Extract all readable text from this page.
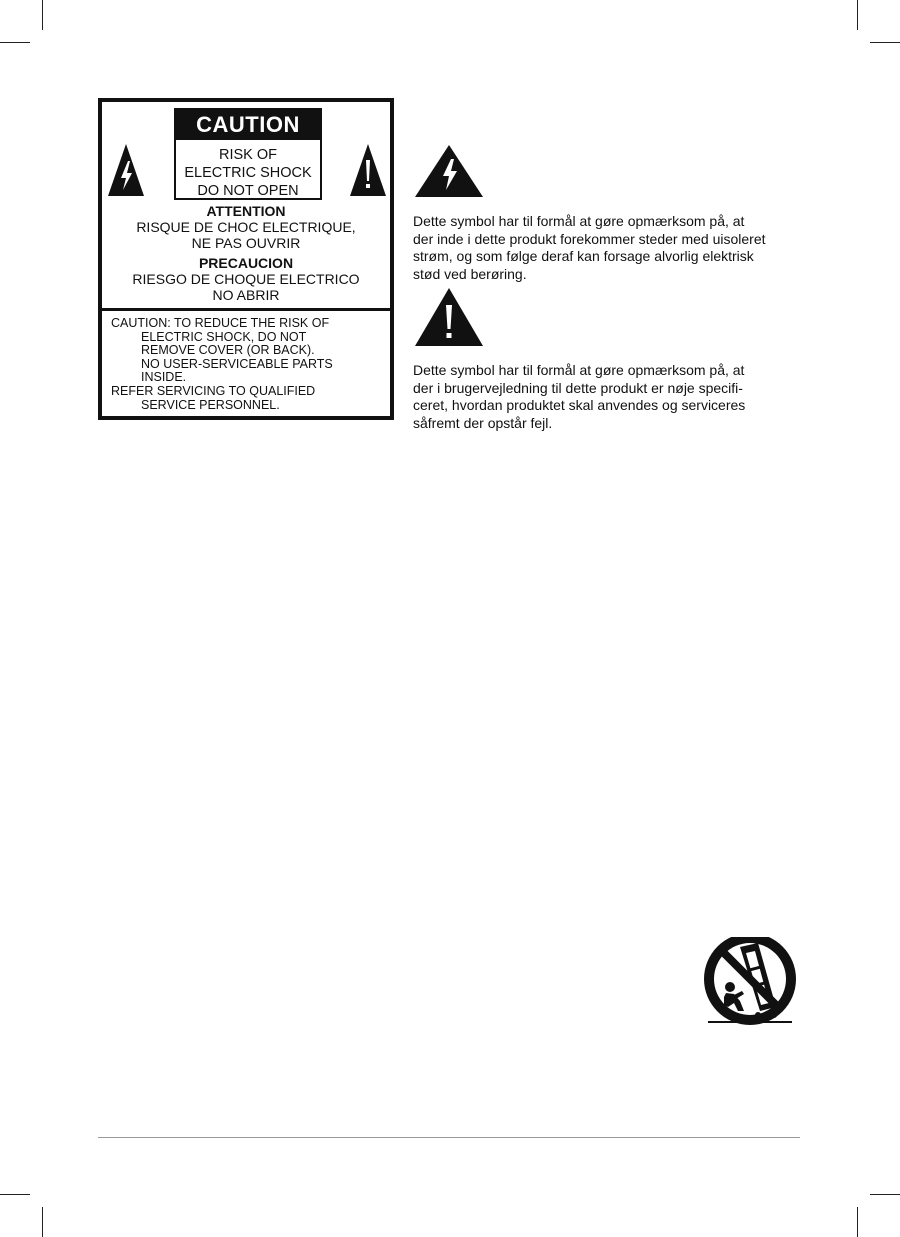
CAUTION
RISK OF
ELECTRIC SHOCK
DO NOT OPEN
ATTENTION
RISQUE DE CHOC ELECTRIQUE,
NE PAS OUVRIR
PRECAUCION
RIESGO DE CHOQUE ELECTRICO
NO ABRIR
CAUTION: TO REDUCE THE RISK OF
ELECTRIC SHOCK, DO NOT
REMOVE COVER (OR BACK).
NO USER-SERVICEABLE PARTS
INSIDE.
REFER SERVICING TO QUALIFIED
SERVICE PERSONNEL.
Dette symbol har til formål at gøre opmærksom på, at
der inde i dette produkt forekommer steder med uisoleret
strøm, og som følge deraf kan forsage alvorlig elektrisk
stød ved berøring.
Dette symbol har til formål at gøre opmærksom på, at
der i brugervejledning til dette produkt er nøje specifi-
ceret, hvordan produktet skal anvendes og serviceres
såfremt der opstår fejl.
